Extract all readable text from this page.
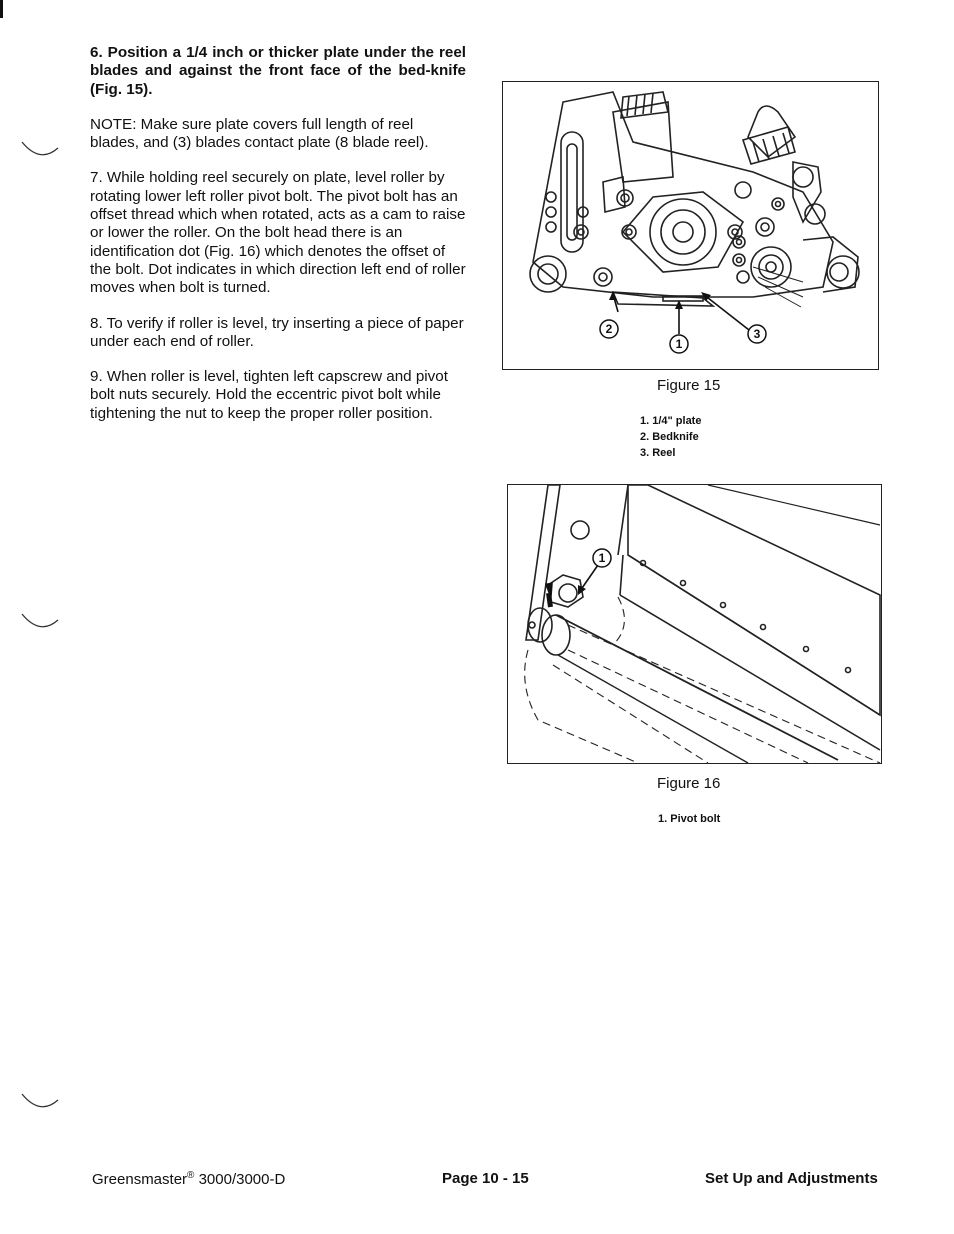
6. Position a 1/4 inch or thicker plate under the reel blades and against the front face of the bed-knife (Fig. 15).

NOTE: Make sure plate covers full length of reel blades, and (3) blades contact plate (8 blade reel).

7. While holding reel securely on plate, level roller by rotating lower left roller pivot bolt. The pivot bolt has an offset thread which when rotated, acts as a cam to raise or lower the roller. On the bolt head there is an identification dot (Fig. 16) which denotes the offset of the bolt. Dot indicates in which direction left end of roller moves when bolt is turned.

8. To verify if roller is level, try inserting a piece of paper under each end of roller.

9. When roller is level, tighten left capscrew and pivot bolt nuts securely. Hold the eccentric pivot bolt while tightening the nut to keep the proper roller position.

2
1
3
Figure 15
1. 1/4" plate
2. Bedknife
3. Reel
1
Figure 16
1. Pivot bolt
Greensmaster® 3000/3000-D	Page 10 - 15	Set Up and Adjustments
